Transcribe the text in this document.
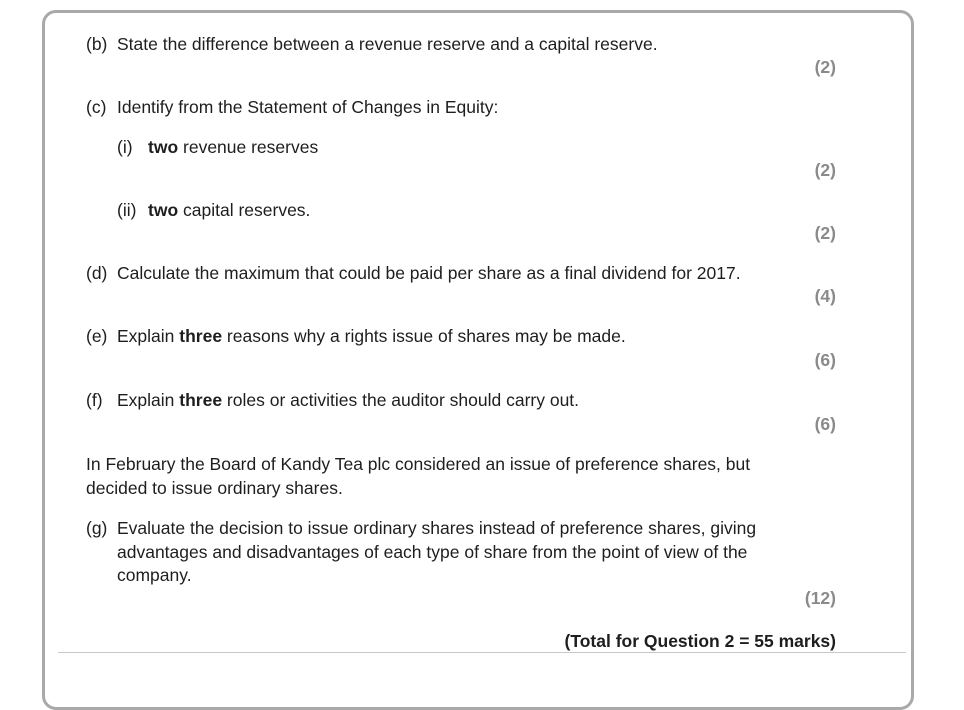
(b) State the difference between a revenue reserve and a capital reserve.
(2)
(c) Identify from the Statement of Changes in Equity:
(i) two revenue reserves
(2)
(ii) two capital reserves.
(2)
(d) Calculate the maximum that could be paid per share as a final dividend for 2017.
(4)
(e) Explain three reasons why a rights issue of shares may be made.
(6)
(f) Explain three roles or activities the auditor should carry out.
(6)
In February the Board of Kandy Tea plc considered an issue of preference shares, but
decided to issue ordinary shares.
(g) Evaluate the decision to issue ordinary shares instead of preference shares, giving
advantages and disadvantages of each type of share from the point of view of the
company.
(12)
(Total for Question 2 = 55 marks)
